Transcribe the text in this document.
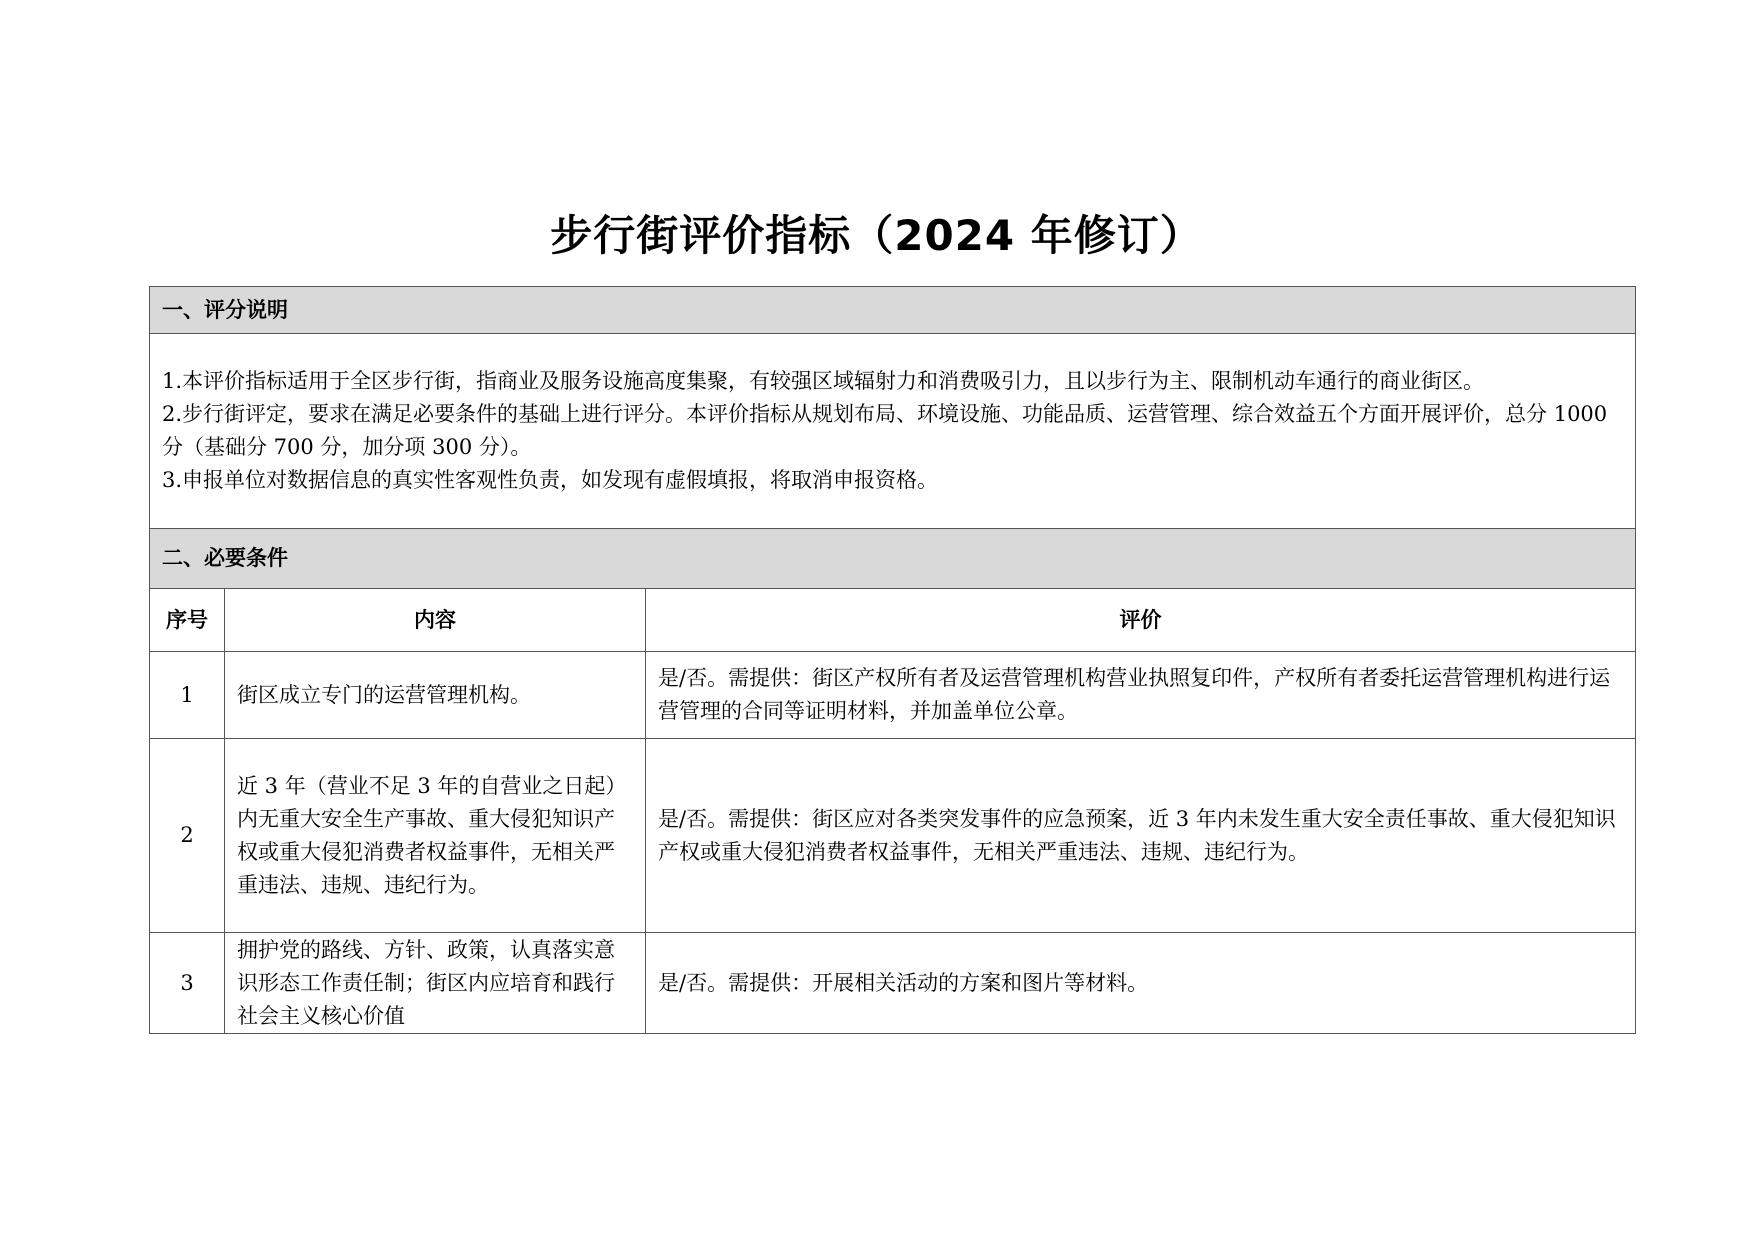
步行街评价指标（2024 年修订）
一、评分说明		

1.本评价指标适用于全区步行街，指商业及服务设施高度集聚，有较强区域辐射力和消费吸引力，且以步行为主、限制机动车通行的商业街区。

2.步行街评定，要求在满足必要条件的基础上进行评分。本评价指标从规划布局、环境设施、功能品质、运营管理、综合效益五个方面开展评价，总分 1000 分（基础分 700 分，加分项 300 分）。

3.申报单位对数据信息的真实性客观性负责，如发现有虚假填报，将取消申报资格。		

二、必要条件		
序号	内容	评价
1	街区成立专门的运营管理机构。	是/否。需提供：街区产权所有者及运营管理机构营业执照复印件，产权所有者委托运营管理机构进行运营管理的合同等证明材料，并加盖单位公章。
2	近 3 年（营业不足 3 年的自营业之日起）内无重大安全生产事故、重大侵犯知识产权或重大侵犯消费者权益事件，无相关严重违法、违规、违纪行为。	是/否。需提供：街区应对各类突发事件的应急预案，近 3 年内未发生重大安全责任事故、重大侵犯知识产权或重大侵犯消费者权益事件，无相关严重违法、违规、违纪行为。
3	拥护党的路线、方针、政策，认真落实意识形态工作责任制；街区内应培育和践行社会主义核心价值	是/否。需提供：开展相关活动的方案和图片等材料。
